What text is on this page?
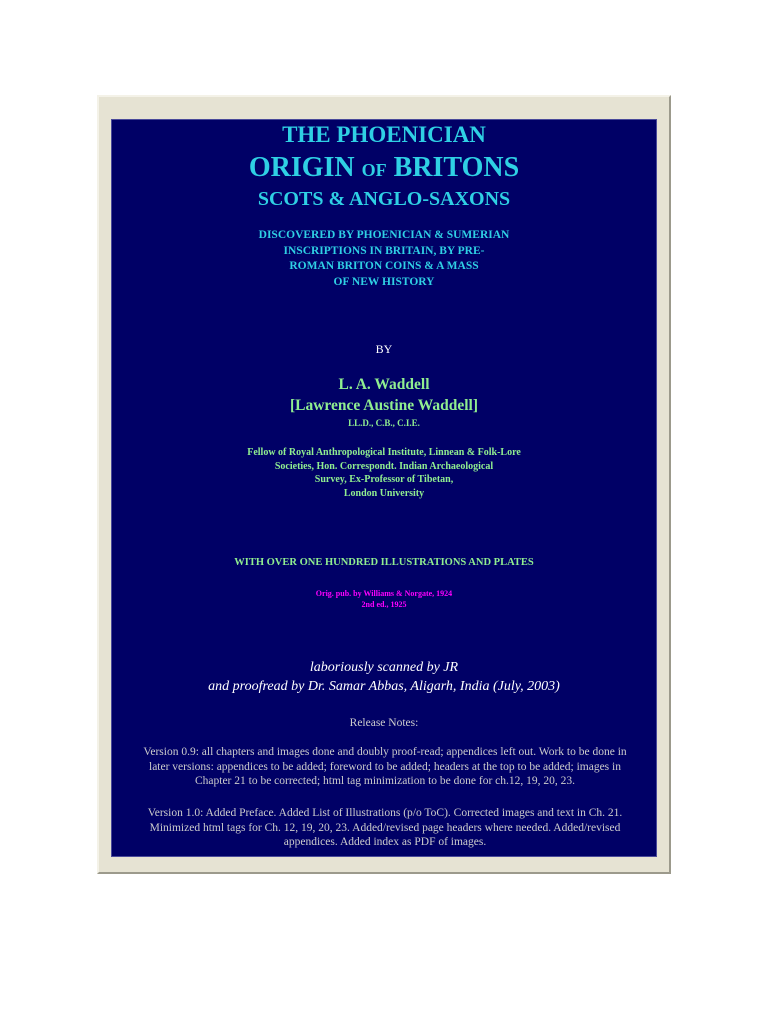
THE PHOENICIAN
ORIGIN OF BRITONS
SCOTS & ANGLO-SAXONS
DISCOVERED BY PHOENICIAN & SUMERIAN
INSCRIPTIONS IN BRITAIN, BY PRE-
ROMAN BRITON COINS & A MASS
OF NEW HISTORY
BY
L. A. Waddell
[Lawrence Austine Waddell]
LL.D., C.B., C.I.E.
Fellow of Royal Anthropological Institute, Linnean & Folk-Lore
Societies, Hon. Correspondt. Indian Archaeological
Survey, Ex-Professor of Tibetan,
London University
WITH OVER ONE HUNDRED ILLUSTRATIONS AND PLATES
Orig. pub. by Williams & Norgate, 1924
2nd ed., 1925
laboriously scanned by JR
and proofread by Dr. Samar Abbas, Aligarh, India (July, 2003)
Release Notes:
Version 0.9: all chapters and images done and doubly proof-read; appendices left out. Work to be done in
later versions: appendices to be added; foreword to be added; headers at the top to be added; images in
Chapter 21 to be corrected; html tag minimization to be done for ch.12, 19, 20, 23.
Version 1.0: Added Preface. Added List of Illustrations (p/o ToC). Corrected images and text in Ch. 21.
Minimized html tags for Ch. 12, 19, 20, 23. Added/revised page headers where needed. Added/revised
appendices. Added index as PDF of images.
